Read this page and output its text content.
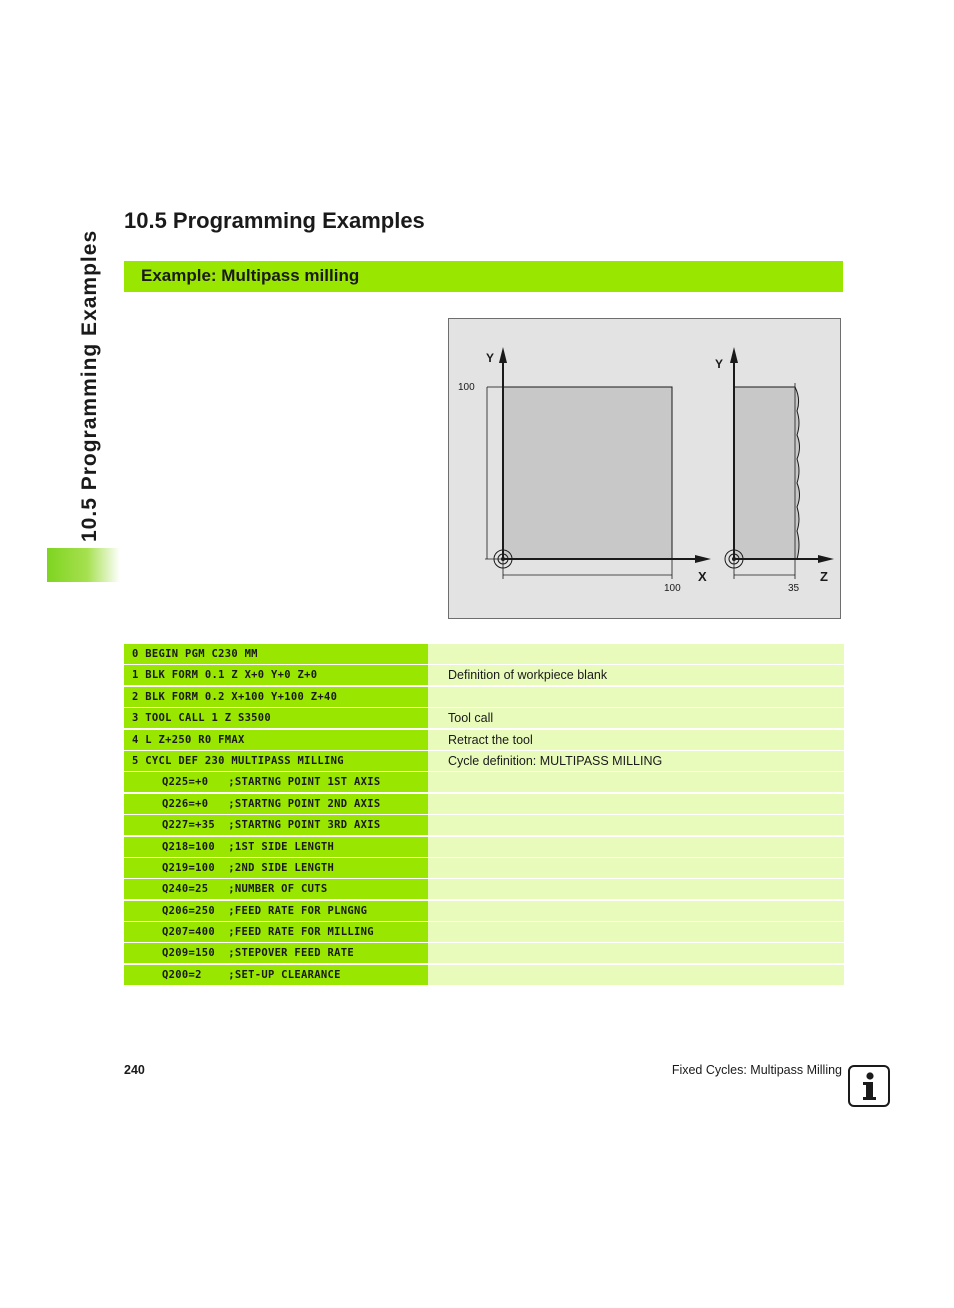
10.5 Programming Examples
10.5 Programming Examples
Example: Multipass milling
Y
X
100
100
Y
Z
35
0 BEGIN PGM C230 MM
1 BLK FORM 0.1 Z X+0 Y+0 Z+0	Definition of workpiece blank
2 BLK FORM 0.2 X+100 Y+100 Z+40
3 TOOL CALL 1 Z S3500	Tool call
4 L Z+250 R0 FMAX	Retract the tool
5 CYCL DEF 230 MULTIPASS MILLING	Cycle definition: MULTIPASS MILLING
Q225=+0   ;STARTNG POINT 1ST AXIS
Q226=+0   ;STARTNG POINT 2ND AXIS
Q227=+35  ;STARTNG POINT 3RD AXIS
Q218=100  ;1ST SIDE LENGTH
Q219=100  ;2ND SIDE LENGTH
Q240=25   ;NUMBER OF CUTS
Q206=250  ;FEED RATE FOR PLNGNG
Q207=400  ;FEED RATE FOR MILLING
Q209=150  ;STEPOVER FEED RATE
Q200=2    ;SET-UP CLEARANCE
240	Fixed Cycles: Multipass Milling
